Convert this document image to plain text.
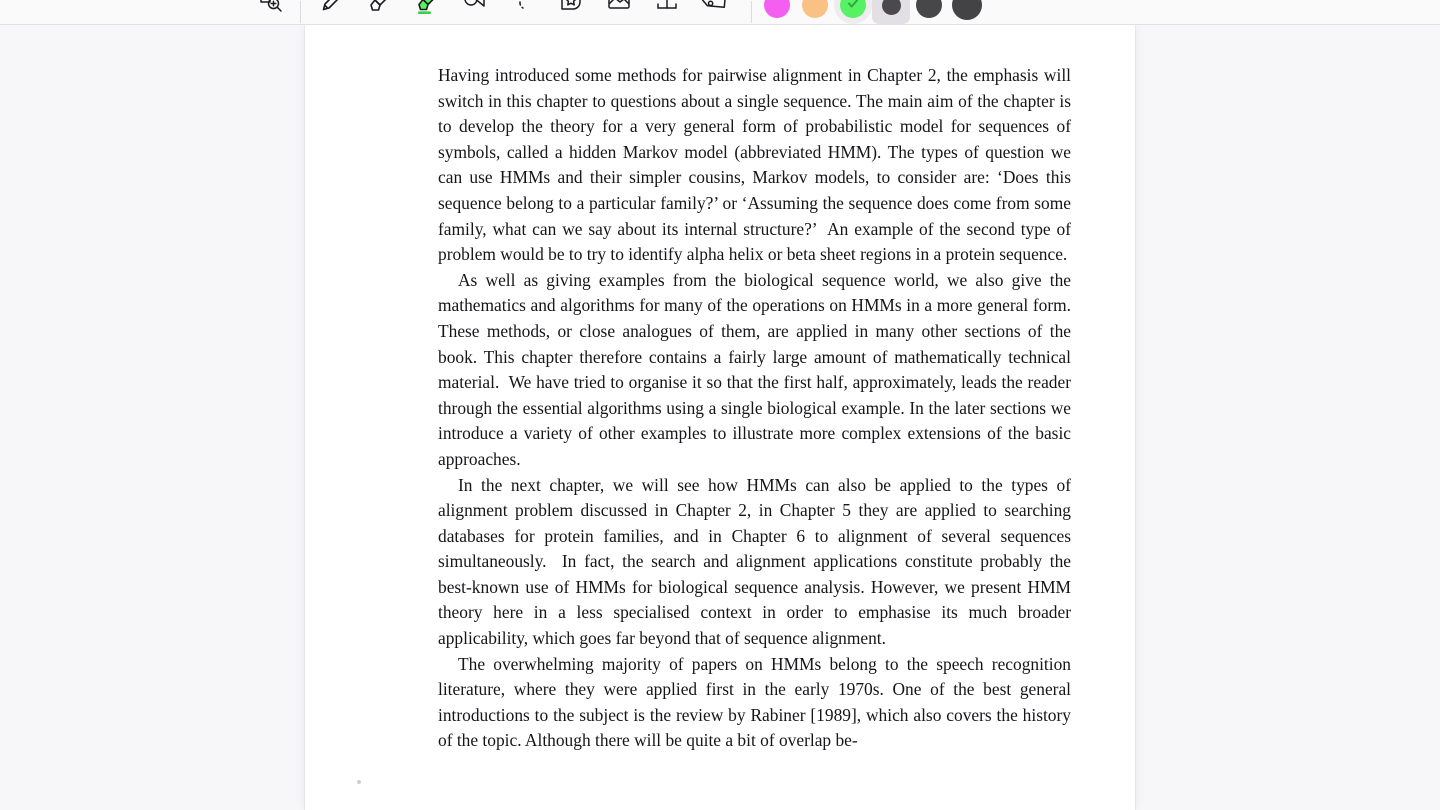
Having introduced some methods for pairwise alignment in Chapter 2, the emphasis will switch in this chapter to questions about a single sequence. The main aim of the chapter is to develop the theory for a very general form of probabilistic model for sequences of symbols, called a hidden Markov model (abbreviated HMM). The types of question we can use HMMs and their simpler cousins, Markov models, to consider are: ‘Does this sequence belong to a particular family?’ or ‘Assuming the sequence does come from some family, what can we say about its internal structure?’  An example of the second type of problem would be to try to identify alpha helix or beta sheet regions in a protein sequence.

As well as giving examples from the biological sequence world, we also give the mathematics and algorithms for many of the operations on HMMs in a more general form.  These methods, or close analogues of them, are applied in many other sections of the book. This chapter therefore contains a fairly large amount of mathematically technical material.  We have tried to organise it so that the first half, approximately, leads the reader through the essential algorithms using a single biological example. In the later sections we introduce a variety of other examples to illustrate more complex extensions of the basic approaches.

In the next chapter, we will see how HMMs can also be applied to the types of alignment problem discussed in Chapter 2, in Chapter 5 they are applied to searching databases for protein families, and in Chapter 6 to alignment of several sequences simultaneously.  In fact, the search and alignment applications constitute probably the best-known use of HMMs for biological sequence analysis. However, we present HMM theory here in a less specialised context in order to emphasise its much broader applicability, which goes far beyond that of sequence alignment.

The overwhelming majority of papers on HMMs belong to the speech recognition literature, where they were applied first in the early 1970s. One of the best general introductions to the subject is the review by Rabiner [1989], which also covers the history of the topic. Although there will be quite a bit of overlap be-
